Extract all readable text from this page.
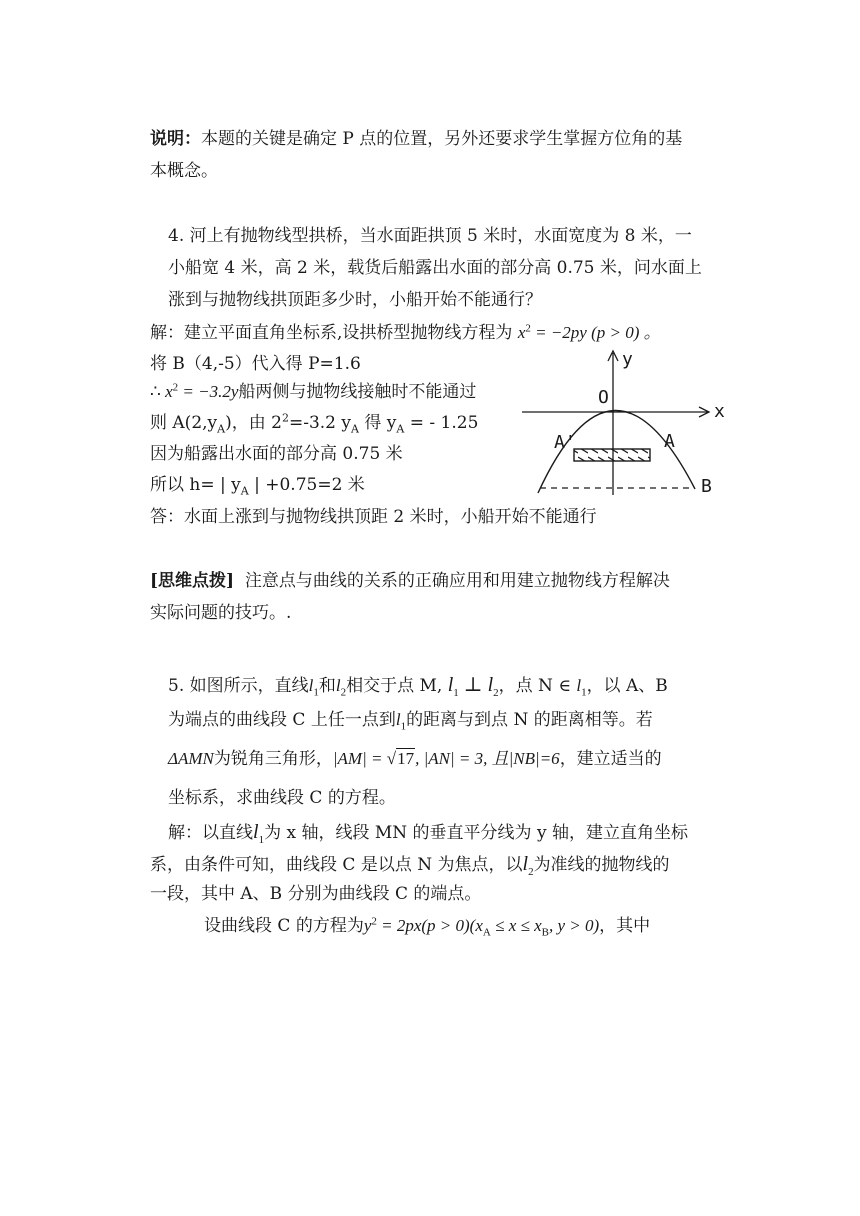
说明：本题的关键是确定 P 点的位置，另外还要求学生掌握方位角的基
本概念。
4. 河上有抛物线型拱桥，当水面距拱顶 5 米时，水面宽度为 8 米，一
小船宽 4 米，高 2 米，载货后船露出水面的部分高 0.75 米，问水面上
涨到与抛物线拱顶距多少时，小船开始不能通行？
解：建立平面直角坐标系,设拱桥型抛物线方程为 $x^2 = -2py$ (p > 0) 。
将 B（4,-5）代入得 P=1.6
∴ $x^2 = -3.2y$船两侧与抛物线接触时不能通过
则 $A(2,y_A)$，由 $2^2=-3.2$ $y_A$ 得 $y_A$ = - 1.25
因为船露出水面的部分高 0.75 米
所以 h= | $y_A$ | +0.75=2 米
答：水面上涨到与抛物线拱顶距 2 米时，小船开始不能通行
O
y
x
A'	A
B
[思维点拨] 注意点与曲线的关系的正确应用和用建立抛物线方程解决
实际问题的技巧。.
5. 如图所示，直线$l_1$和$l_2$相交于点 M, $l_1$ ⊥ $l_2$，点 N ∈ $l_1$，以 A、B
为端点的曲线段 C 上任一点到$l_1$的距离与到点 N 的距离相等。若
ΔAMN为锐角三角形，|AM| = √17, |AN| = 3, 且|NB|=6，建立适当的
坐标系，求曲线段 C 的方程。
解：以直线$l_1$为 x 轴，线段 MN 的垂直平分线为 y 轴，建立直角坐标
系，由条件可知，曲线段 C 是以点 N 为焦点，以$l_2$为准线的抛物线的
一段，其中 A、B 分别为曲线段 C 的端点。
设曲线段 C 的方程为$y^2 = 2px(p > 0)(x_A \le x \le x_B$, y > 0)，其中
